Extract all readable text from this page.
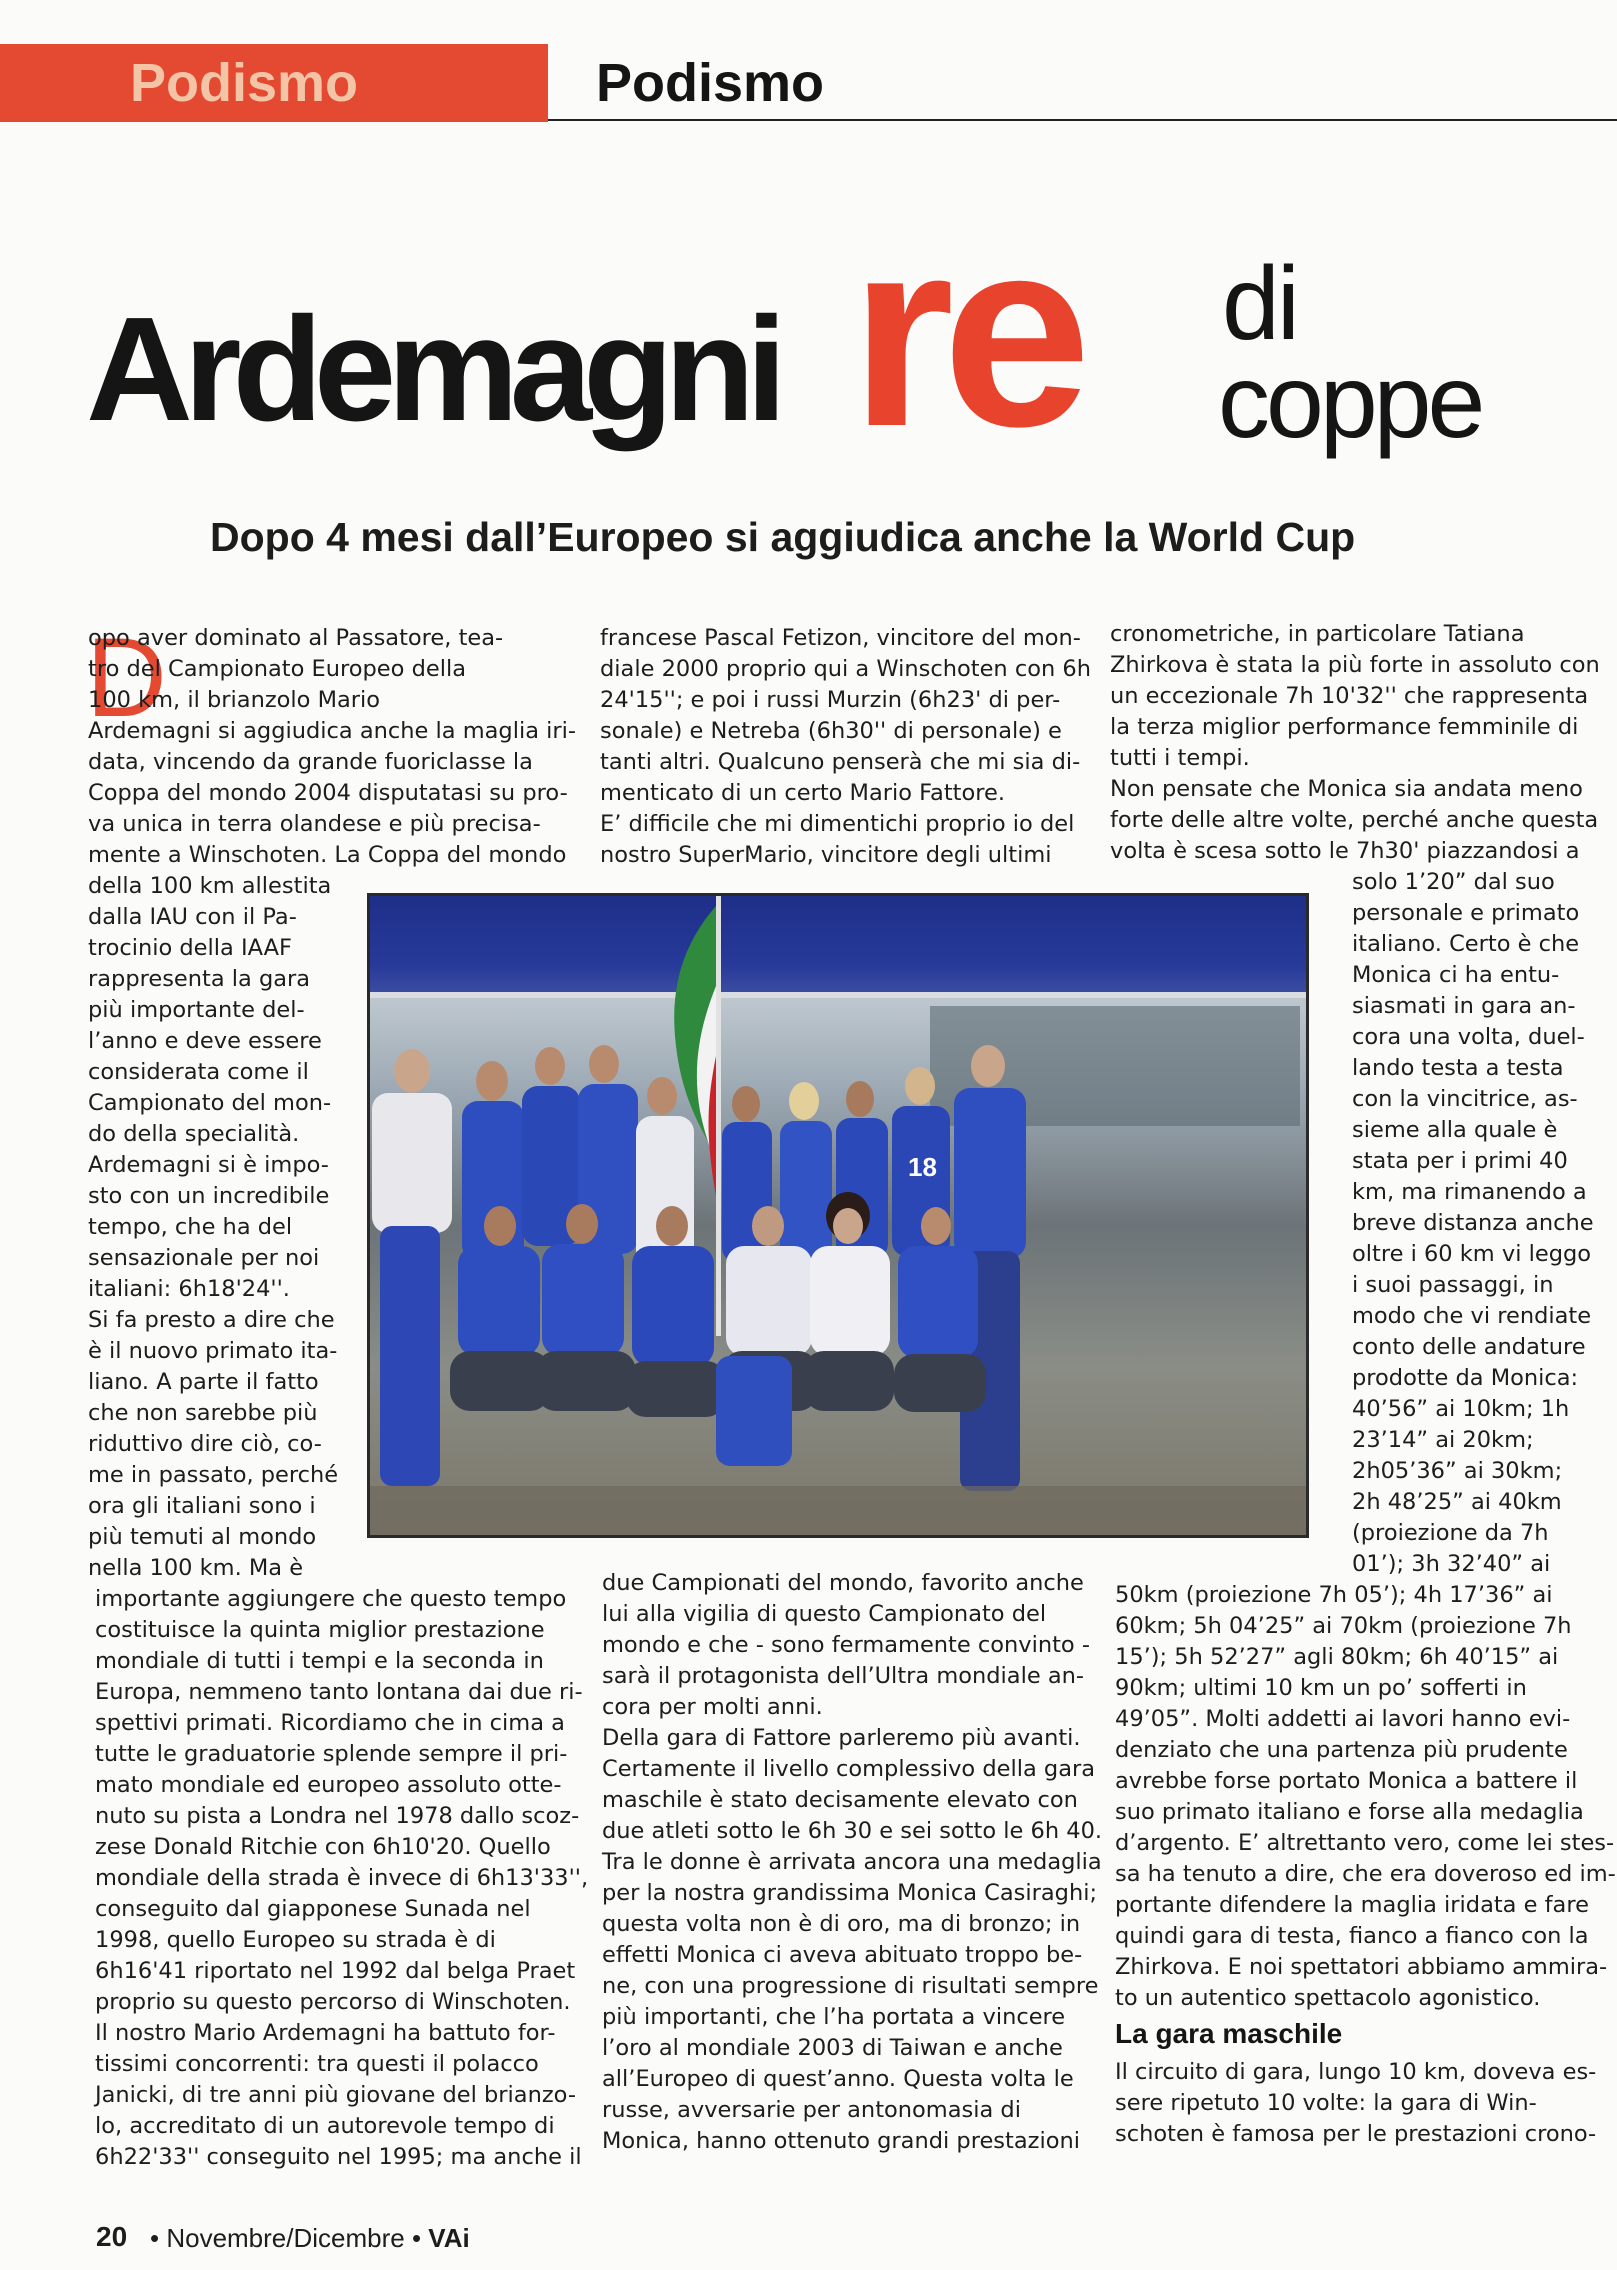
Podismo	Podismo
Ardemagni re di
coppe
Dopo 4 mesi dall’Europeo si aggiudica anche la World Cup
D
opo aver dominato al Passatore, tea-
tro del Campionato Europeo della
100 km, il brianzolo Mario
Ardemagni si aggiudica anche la maglia iri-
data, vincendo da grande fuoriclasse la
Coppa del mondo 2004 disputatasi su pro-
va unica in terra olandese e più precisa-
mente a Winschoten. La Coppa del mondo
della 100 km allestita
dalla IAU con il Pa-
trocinio della IAAF
rappresenta la gara
più importante del-
l’anno e deve essere
considerata come il
Campionato del mon-
do della specialità.
Ardemagni si è impo-
sto con un incredibile
tempo, che ha del
sensazionale per noi
italiani: 6h18'24''.
Si fa presto a dire che
è il nuovo primato ita-
liano. A parte il fatto
che non sarebbe più
riduttivo dire ciò, co-
me in passato, perché
ora gli italiani sono i
più temuti al mondo
nella 100 km. Ma è
importante aggiungere che questo tempo
costituisce la quinta miglior prestazione
mondiale di tutti i tempi e la seconda in
Europa, nemmeno tanto lontana dai due ri-
spettivi primati. Ricordiamo che in cima a
tutte le graduatorie splende sempre il pri-
mato mondiale ed europeo assoluto otte-
nuto su pista a Londra nel 1978 dallo scoz-
zese Donald Ritchie con 6h10'20. Quello
mondiale della strada è invece di 6h13'33'',
conseguito dal giapponese Sunada nel
1998, quello Europeo su strada è di
6h16'41 riportato nel 1992 dal belga Praet
proprio su questo percorso di Winschoten.
Il nostro Mario Ardemagni ha battuto for-
tissimi concorrenti: tra questi il polacco
Janicki, di tre anni più giovane del brianzo-
lo, accreditato di un autorevole tempo di
6h22'33'' conseguito nel 1995; ma anche il
francese Pascal Fetizon, vincitore del mon-
diale 2000 proprio qui a Winschoten con 6h
24'15''; e poi i russi Murzin (6h23' di per-
sonale) e Netreba (6h30'' di personale) e
tanti altri. Qualcuno penserà che mi sia di-
menticato di un certo Mario Fattore.
E’ difficile che mi dimentichi proprio io del
nostro SuperMario, vincitore degli ultimi
due Campionati del mondo, favorito anche
lui alla vigilia di questo Campionato del
mondo e che - sono fermamente convinto -
sarà il protagonista dell’Ultra mondiale an-
cora per molti anni.
Della gara di Fattore parleremo più avanti.
Certamente il livello complessivo della gara
maschile è stato decisamente elevato con
due atleti sotto le 6h 30 e sei sotto le 6h 40.
Tra le donne è arrivata ancora una medaglia
per la nostra grandissima Monica Casiraghi;
questa volta non è di oro, ma di bronzo; in
effetti Monica ci aveva abituato troppo be-
ne, con una progressione di risultati sempre
più importanti, che l’ha portata a vincere
l’oro al mondiale 2003 di Taiwan e anche
all’Europeo di quest’anno. Questa volta le
russe, avversarie per antonomasia di
Monica, hanno ottenuto grandi prestazioni
cronometriche, in particolare Tatiana
Zhirkova è stata la più forte in assoluto con
un eccezionale 7h 10'32'' che rappresenta
la terza miglior performance femminile di
tutti i tempi.
Non pensate che Monica sia andata meno
forte delle altre volte, perché anche questa
volta è scesa sotto le 7h30' piazzandosi a
solo 1’20” dal suo
personale e primato
italiano. Certo è che
Monica ci ha entu-
siasmati in gara an-
cora una volta, duel-
lando testa a testa
con la vincitrice, as-
sieme alla quale è
stata per i primi 40
km, ma rimanendo a
breve distanza anche
oltre i 60 km vi leggo
i suoi passaggi, in
modo che vi rendiate
conto delle andature
prodotte da Monica:
40’56” ai 10km; 1h
23’14” ai 20km;
2h05’36” ai 30km;
2h 48’25” ai 40km
(proiezione da 7h
01’); 3h 32’40” ai
50km (proiezione 7h 05’); 4h 17’36” ai
60km; 5h 04’25” ai 70km (proiezione 7h
15’); 5h 52’27” agli 80km; 6h 40’15” ai
90km; ultimi 10 km un po’ sofferti in
49’05”. Molti addetti ai lavori hanno evi-
denziato che una partenza più prudente
avrebbe forse portato Monica a battere il
suo primato italiano e forse alla medaglia
d’argento. E’ altrettanto vero, come lei stes-
sa ha tenuto a dire, che era doveroso ed im-
portante difendere la maglia iridata e fare
quindi gara di testa, fianco a fianco con la
Zhirkova. E noi spettatori abbiamo ammira-
to un autentico spettacolo agonistico.
La gara maschile
Il circuito di gara, lungo 10 km, doveva es-
sere ripetuto 10 volte: la gara di Win-
schoten è famosa per le prestazioni crono-
18
20 • Novembre/Dicembre • VAi
